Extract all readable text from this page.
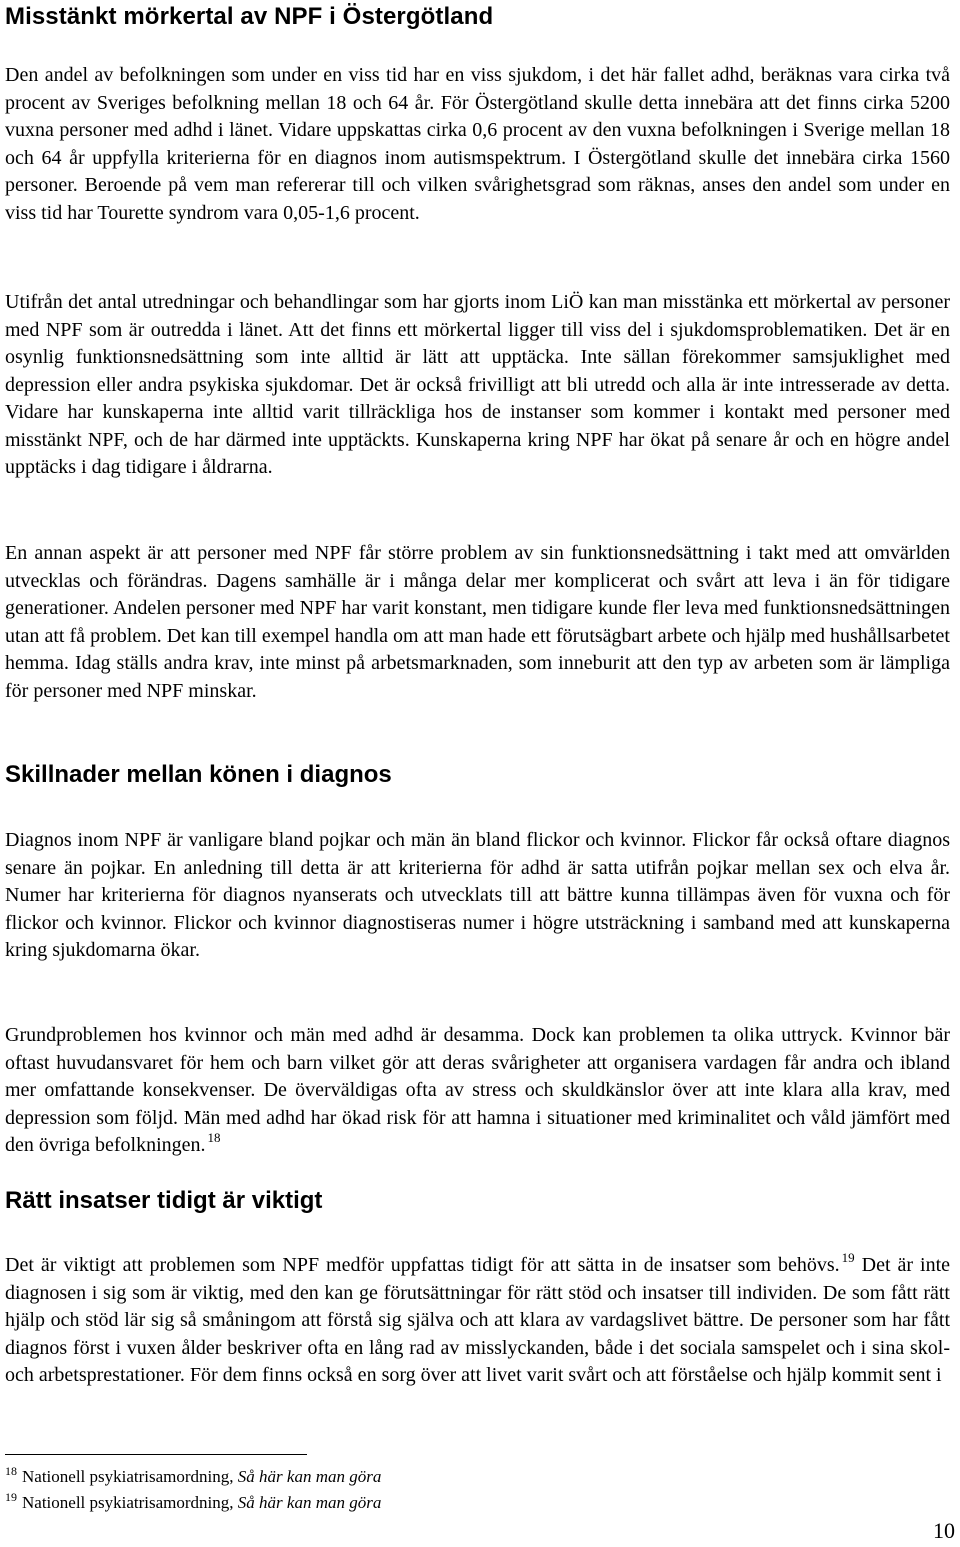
Misstänkt mörkertal av NPF i Östergötland

Den andel av befolkningen som under en viss tid har en viss sjukdom, i det här fallet adhd, beräknas vara cirka två procent av Sveriges befolkning mellan 18 och 64 år. För Östergötland skulle detta innebära att det finns cirka 5200 vuxna personer med adhd i länet. Vidare uppskattas cirka 0,6 procent av den vuxna befolkningen i Sverige mellan 18 och 64 år uppfylla kriterierna för en diagnos inom autismspektrum. I Östergötland skulle det innebära cirka 1560 personer. Beroende på vem man refererar till och vilken svårighetsgrad som räknas, anses den andel som under en viss tid har Tourette syndrom vara 0,05-1,6 procent.

Utifrån det antal utredningar och behandlingar som har gjorts inom LiÖ kan man misstänka ett mörkertal av personer med NPF som är outredda i länet. Att det finns ett mörkertal ligger till viss del i sjukdomsproblematiken. Det är en osynlig funktionsnedsättning som inte alltid är lätt att upptäcka. Inte sällan förekommer samsjuklighet med depression eller andra psykiska sjukdomar. Det är också frivilligt att bli utredd och alla är inte intresserade av detta. Vidare har kunskaperna inte alltid varit tillräckliga hos de instanser som kommer i kontakt med personer med misstänkt NPF, och de har därmed inte upptäckts. Kunskaperna kring NPF har ökat på senare år och en högre andel upptäcks i dag tidigare i åldrarna.

En annan aspekt är att personer med NPF får större problem av sin funktionsnedsättning i takt med att omvärlden utvecklas och förändras. Dagens samhälle är i många delar mer komplicerat och svårt att leva i än för tidigare generationer. Andelen personer med NPF har varit konstant, men tidigare kunde fler leva med funktionsnedsättningen utan att få problem. Det kan till exempel handla om att man hade ett förutsägbart arbete och hjälp med hushållsarbetet hemma. Idag ställs andra krav, inte minst på arbetsmarknaden, som inneburit att den typ av arbeten som är lämpliga för personer med NPF minskar.

Skillnader mellan könen i diagnos

Diagnos inom NPF är vanligare bland pojkar och män än bland flickor och kvinnor. Flickor får också oftare diagnos senare än pojkar. En anledning till detta är att kriterierna för adhd är satta utifrån pojkar mellan sex och elva år. Numer har kriterierna för diagnos nyanserats och utvecklats till att bättre kunna tillämpas även för vuxna och för flickor och kvinnor. Flickor och kvinnor diagnostiseras numer i högre utsträckning i samband med att kunskaperna kring sjukdomarna ökar.

Grundproblemen hos kvinnor och män med adhd är desamma. Dock kan problemen ta olika uttryck. Kvinnor bär oftast huvudansvaret för hem och barn vilket gör att deras svårigheter att organisera vardagen får andra och ibland mer omfattande konsekvenser. De överväldigas ofta av stress och skuldkänslor över att inte klara alla krav, med depression som följd. Män med adhd har ökad risk för att hamna i situationer med kriminalitet och våld jämfört med den övriga befolkningen. $^{18}$

Rätt insatser tidigt är viktigt

Det är viktigt att problemen som NPF medför uppfattas tidigt för att sätta in de insatser som behövs. $^{19}$ Det är inte diagnosen i sig som är viktig, med den kan ge förutsättningar för rätt stöd och insatser till individen. De som fått rätt hjälp och stöd lär sig så småningom att förstå sig själva och att klara av vardagslivet bättre. De personer som har fått diagnos först i vuxen ålder beskriver ofta en lång rad av misslyckanden, både i det sociala samspelet och i sina skol- och arbetsprestationer. För dem finns också en sorg över att livet varit svårt och att förståelse och hjälp kommit sent i

$^{18}$ Nationell psykiatrisamordning, Så här kan man göra
$^{19}$ Nationell psykiatrisamordning, Så här kan man göra
10
